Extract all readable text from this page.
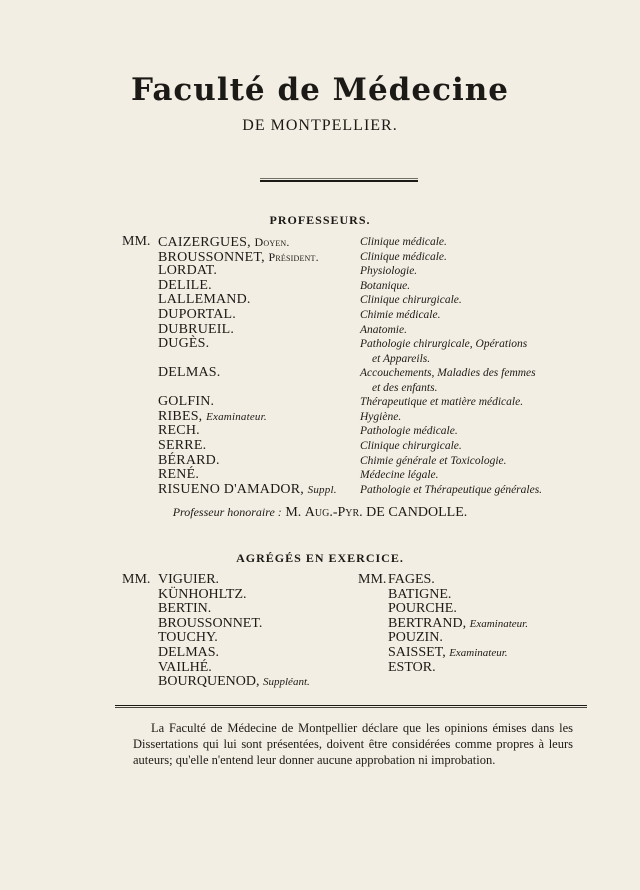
Faculté de Médecine
DE MONTPELLIER.
PROFESSEURS.
MM. CAIZERGUES, Doyen.	Clinique médicale.
BROUSSONNET, Président.	Clinique médicale.
LORDAT.	Physiologie.
DELILE.	Botanique.
LALLEMAND.	Clinique chirurgicale.
DUPORTAL.	Chimie médicale.
DUBRUEIL.	Anatomie.
DUGÈS.	Pathologie chirurgicale, Opérations
et Appareils.
DELMAS.	Accouchements, Maladies des femmes
et des enfants.
GOLFIN.	Thérapeutique et matière médicale.
RIBES, Examinateur.	Hygiène.
RECH.	Pathologie médicale.
SERRE.	Clinique chirurgicale.
BÉRARD.	Chimie générale et Toxicologie.
RENÉ.	Médecine légale.
RISUENO D'AMADOR, Suppl. Pathologie et Thérapeutique générales.
Professeur honoraire : M. Aug.-Pyr. DE CANDOLLE.
AGRÉGÉS EN EXERCICE.
MM. VIGUIER.
KÜNHOHLTZ.
BERTIN.
BROUSSONNET.
TOUCHY.
DELMAS.
VAILHÉ.
BOURQUENOD, Suppléant.
MM. FAGES.
BATIGNE.
POURCHE.
BERTRAND, Examinateur.
POUZIN.
SAISSET, Examinateur.
ESTOR.
La Faculté de Médecine de Montpellier déclare que les opinions émises dans les Dissertations qui lui sont présentées, doivent être considérées comme propres à leurs auteurs; qu'elle n'entend leur donner aucune approbation ni improbation.
